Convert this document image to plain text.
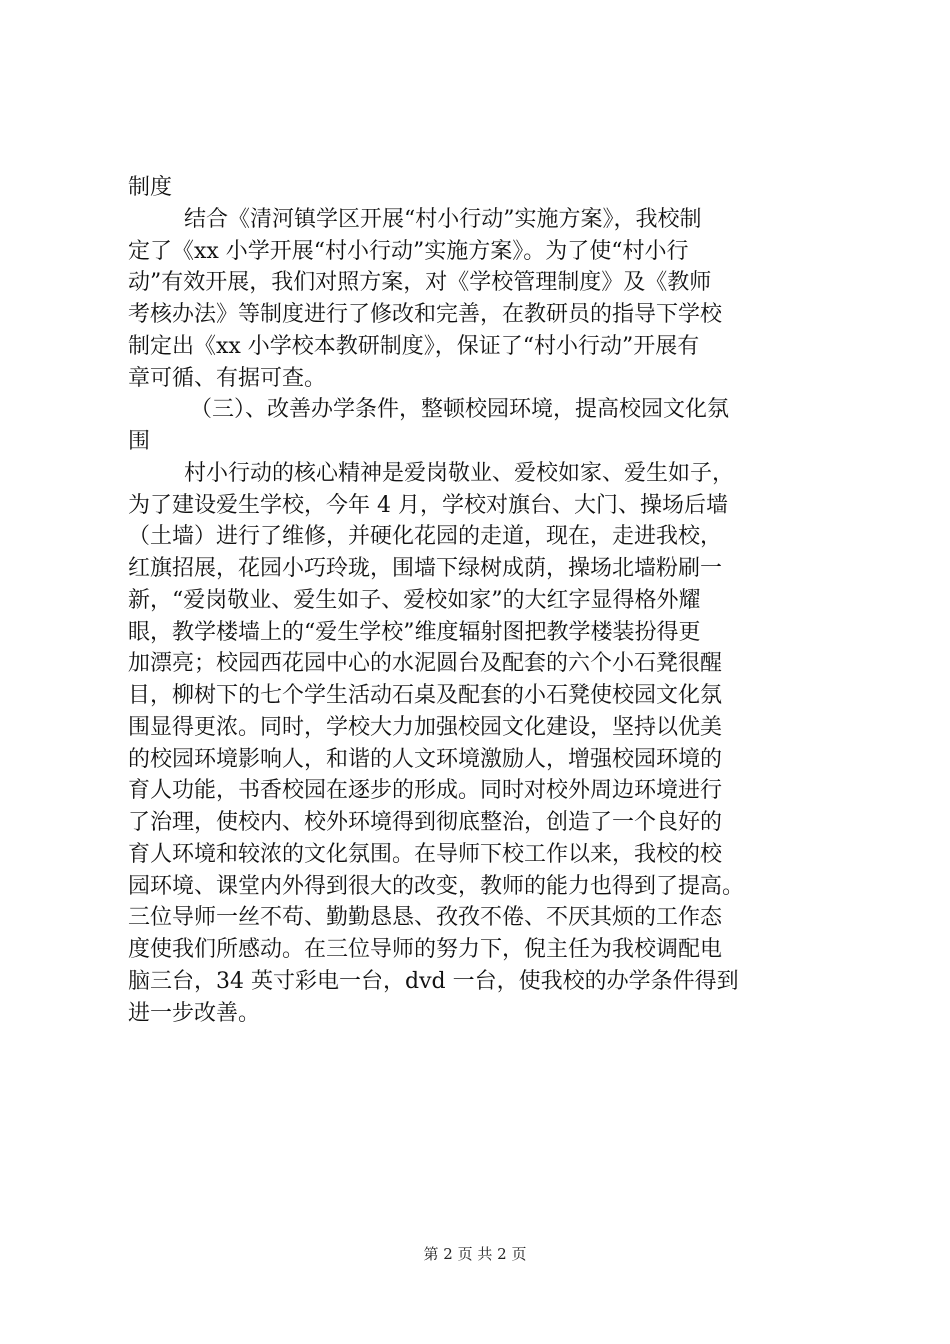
制度
结合《清河镇学区开展“村小行动”实施方案》，我校制
定了《xx 小学开展“村小行动”实施方案》。为了使“村小行
动”有效开展，我们对照方案，对《学校管理制度》及《教师
考核办法》等制度进行了修改和完善，在教研员的指导下学校
制定出《xx 小学校本教研制度》，保证了“村小行动”开展有
章可循、有据可查。
（三）、改善办学条件，整顿校园环境，提高校园文化氛
围
村小行动的核心精神是爱岗敬业、爱校如家、爱生如子，
为了建设爱生学校，今年 4 月，学校对旗台、大门、操场后墙
（土墙）进行了维修，并硬化花园的走道，现在，走进我校，
红旗招展，花园小巧玲珑，围墙下绿树成荫，操场北墙粉刷一
新，“爱岗敬业、爱生如子、爱校如家”的大红字显得格外耀
眼，教学楼墙上的“爱生学校”维度辐射图把教学楼装扮得更
加漂亮；校园西花园中心的水泥圆台及配套的六个小石凳很醒
目，柳树下的七个学生活动石桌及配套的小石凳使校园文化氛
围显得更浓。同时，学校大力加强校园文化建设，坚持以优美
的校园环境影响人，和谐的人文环境激励人，增强校园环境的
育人功能，书香校园在逐步的形成。同时对校外周边环境进行
了治理，使校内、校外环境得到彻底整治，创造了一个良好的
育人环境和较浓的文化氛围。在导师下校工作以来，我校的校
园环境、课堂内外得到很大的改变，教师的能力也得到了提高。
三位导师一丝不苟、勤勤恳恳、孜孜不倦、不厌其烦的工作态
度使我们所感动。在三位导师的努力下，倪主任为我校调配电
脑三台，34 英寸彩电一台，dvd 一台，使我校的办学条件得到
进一步改善。
第 2 页 共 2 页
